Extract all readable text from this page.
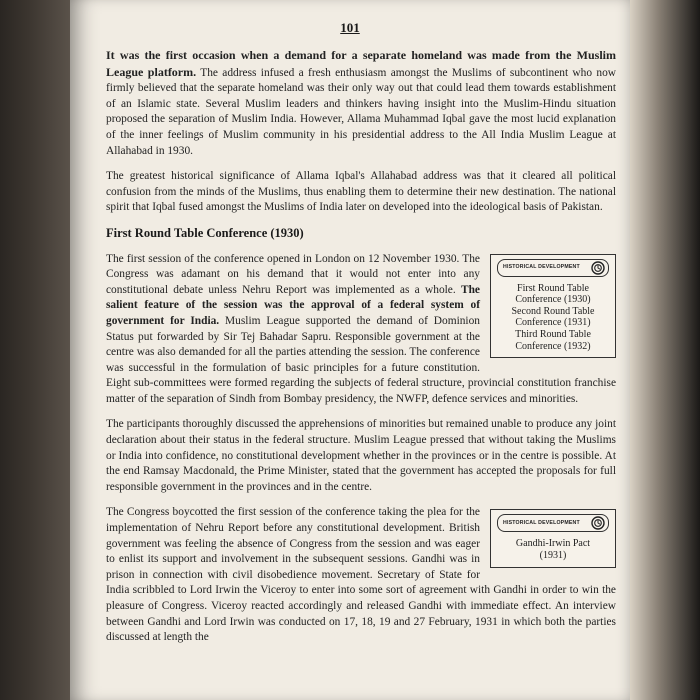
101

It was the first occasion when a demand for a separate homeland was made from the Muslim League platform. The address infused a fresh enthusiasm amongst the Muslims of subcontinent who now firmly believed that the separate homeland was their only way out that could lead them towards establishment of an Islamic state. Several Muslim leaders and thinkers having insight into the Muslim-Hindu situation proposed the separation of Muslim India. However, Allama Muhammad Iqbal gave the most lucid explanation of the inner feelings of Muslim community in his presidential address to the All India Muslim League at Allahabad in 1930.

The greatest historical significance of Allama Iqbal's Allahabad address was that it cleared all political confusion from the minds of the Muslims, thus enabling them to determine their new destination. The national spirit that Iqbal fused amongst the Muslims of India later on developed into the ideological basis of Pakistan.

First Round Table Conference (1930)
HISTORICAL DEVELOPMENT
First Round Table
Conference (1930)
Second Round Table
Conference (1931)
Third Round Table
Conference (1932)

The first session of the conference opened in London on 12 November 1930. The Congress was adamant on his demand that it would not enter into any constitutional debate unless Nehru Report was implemented as a whole. The salient feature of the session was the approval of a federal system of government for India. Muslim League supported the demand of Dominion Status put forwarded by Sir Tej Bahadar Sapru. Responsible government at the centre was also demanded for all the parties attending the session. The conference was successful in the formulation of basic principles for a future constitution. Eight sub-committees were formed regarding the subjects of federal structure, provincial constitution franchise matter of the separation of Sindh from Bombay presidency, the NWFP, defence services and minorities.

The participants thoroughly discussed the apprehensions of minorities but remained unable to produce any joint declaration about their status in the federal structure. Muslim League pressed that without taking the Muslims or India into confidence, no constitutional development whether in the provinces or in the centre is possible. At the end Ramsay Macdonald, the Prime Minister, stated that the government has accepted the proposals for full responsible government in the provinces and in the centre.

HISTORICAL DEVELOPMENT
Gandhi-Irwin Pact
(1931)

The Congress boycotted the first session of the conference taking the plea for the implementation of Nehru Report before any constitutional development. British government was feeling the absence of Congress from the session and was eager to enlist its support and involvement in the subsequent sessions. Gandhi was in prison in connection with civil disobedience movement. Secretary of State for India scribbled to Lord Irwin the Viceroy to enter into some sort of agreement with Gandhi in order to win the pleasure of Congress. Viceroy reacted accordingly and released Gandhi with immediate effect. An interview between Gandhi and Lord Irwin was conducted on 17, 18, 19 and 27 February, 1931 in which both the parties discussed at length the
